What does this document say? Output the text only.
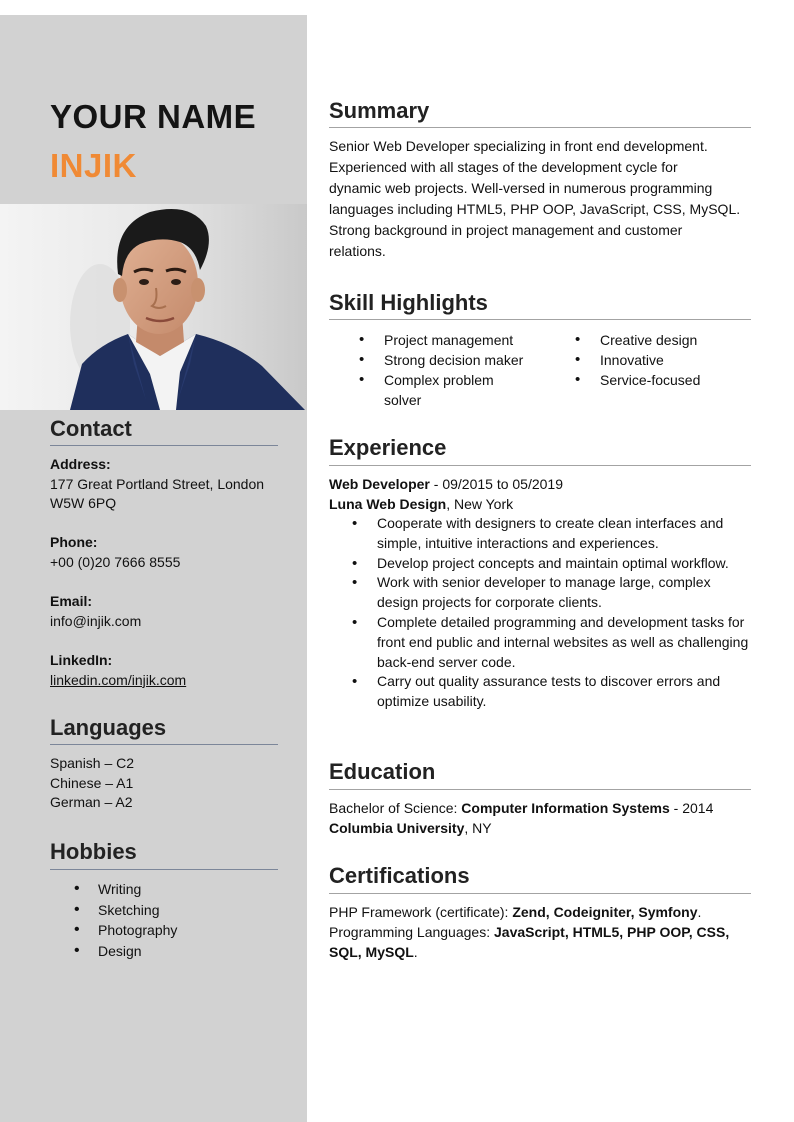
YOUR NAME
INJIK
Contact
Address:
177 Great Portland Street, London
W5W 6PQ
Phone:
+00 (0)20 7666 8555
Email:
info@injik.com
LinkedIn:
linkedin.com/injik.com
Languages
Spanish – C2
Chinese – A1
German – A2
Hobbies
• Writing
• Sketching
• Photography
• Design
Summary
Senior Web Developer specializing in front end development.
Experienced with all stages of the development cycle for
dynamic web projects. Well-versed in numerous programming
languages including HTML5, PHP OOP, JavaScript, CSS, MySQL.
Strong background in project management and customer
relations.
Skill Highlights
• Project management
• Strong decision maker
• Complex problem solver
• Creative design
• Innovative
• Service-focused
Experience
Web Developer - 09/2015 to 05/2019
Luna Web Design, New York
• Cooperate with designers to create clean interfaces and simple, intuitive interactions and experiences.
• Develop project concepts and maintain optimal workflow.
• Work with senior developer to manage large, complex design projects for corporate clients.
• Complete detailed programming and development tasks for front end public and internal websites as well as challenging back-end server code.
• Carry out quality assurance tests to discover errors and optimize usability.
Education
Bachelor of Science: Computer Information Systems - 2014
Columbia University, NY
Certifications
PHP Framework (certificate): Zend, Codeigniter, Symfony.
Programming Languages: JavaScript, HTML5, PHP OOP, CSS,
SQL, MySQL.
